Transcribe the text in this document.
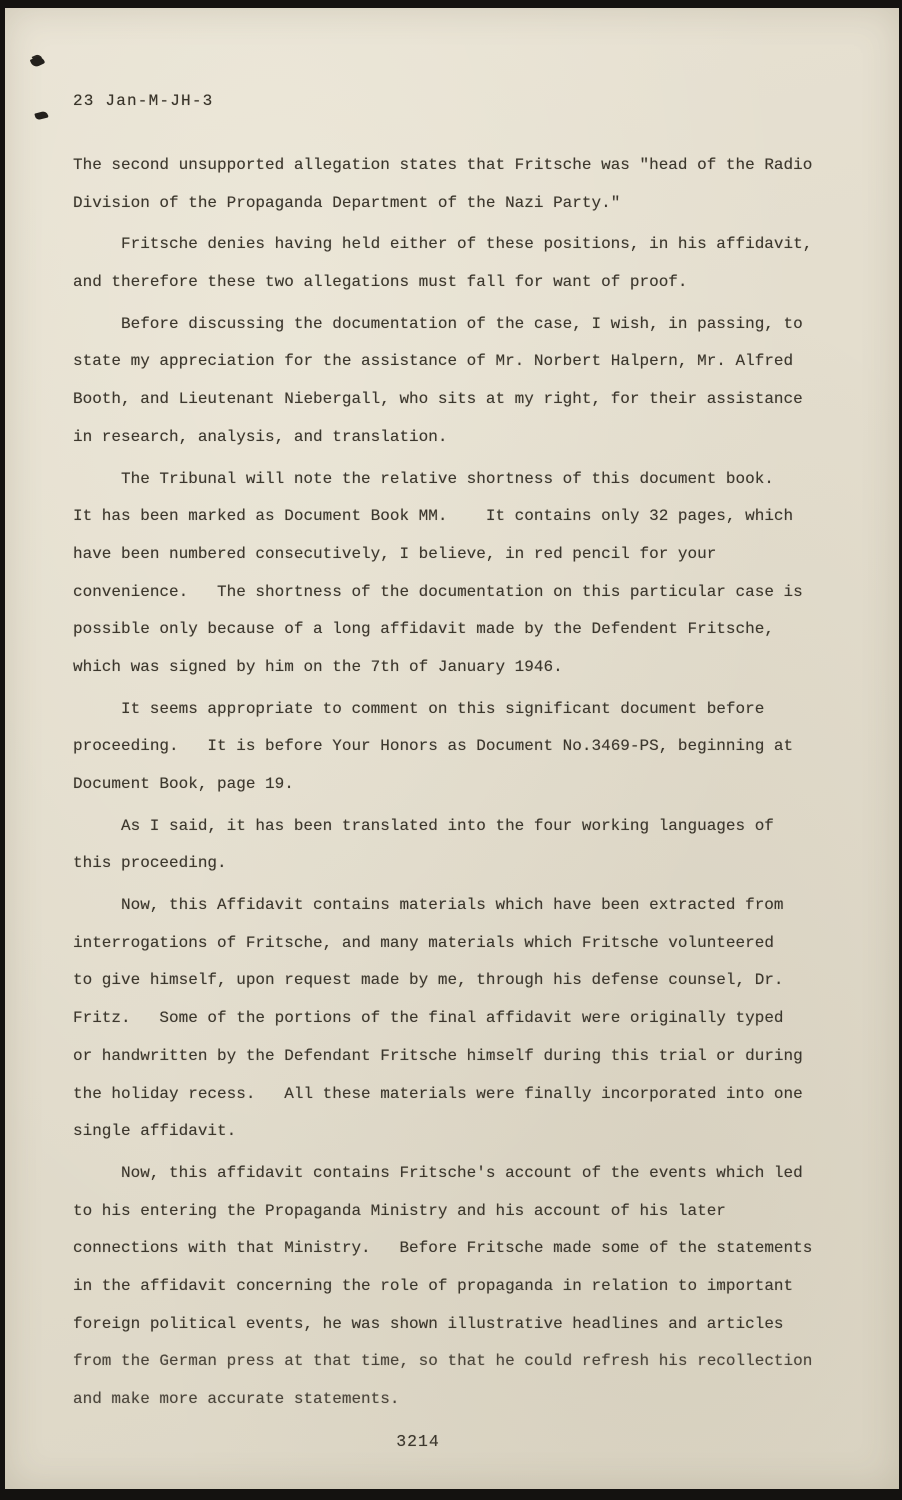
23 Jan-M-JH-3
The second unsupported allegation states that Fritsche was "head of the Radio
Division of the Propaganda Department of the Nazi Party."
Fritsche denies having held either of these positions, in his affidavit,
and therefore these two allegations must fall for want of proof.
Before discussing the documentation of the case, I wish, in passing, to
state my appreciation for the assistance of Mr. Norbert Halpern, Mr. Alfred
Booth, and Lieutenant Niebergall, who sits at my right, for their assistance
in research, analysis, and translation.
The Tribunal will note the relative shortness of this document book.
It has been marked as Document Book MM.    It contains only 32 pages, which
have been numbered consecutively, I believe, in red pencil for your
convenience.   The shortness of the documentation on this particular case is
possible only because of a long affidavit made by the Defendent Fritsche,
which was signed by him on the 7th of January 1946.
It seems appropriate to comment on this significant document before
proceeding.   It is before Your Honors as Document No.3469-PS, beginning at
Document Book, page 19.
As I said, it has been translated into the four working languages of
this proceeding.
Now, this Affidavit contains materials which have been extracted from
interrogations of Fritsche, and many materials which Fritsche volunteered
to give himself, upon request made by me, through his defense counsel, Dr.
Fritz.   Some of the portions of the final affidavit were originally typed
or handwritten by the Defendant Fritsche himself during this trial or during
the holiday recess.   All these materials were finally incorporated into one
single affidavit.
Now, this affidavit contains Fritsche's account of the events which led
to his entering the Propaganda Ministry and his account of his later
connections with that Ministry.   Before Fritsche made some of the statements
in the affidavit concerning the role of propaganda in relation to important
foreign political events, he was shown illustrative headlines and articles
from the German press at that time, so that he could refresh his recollection
and make more accurate statements.
3214
